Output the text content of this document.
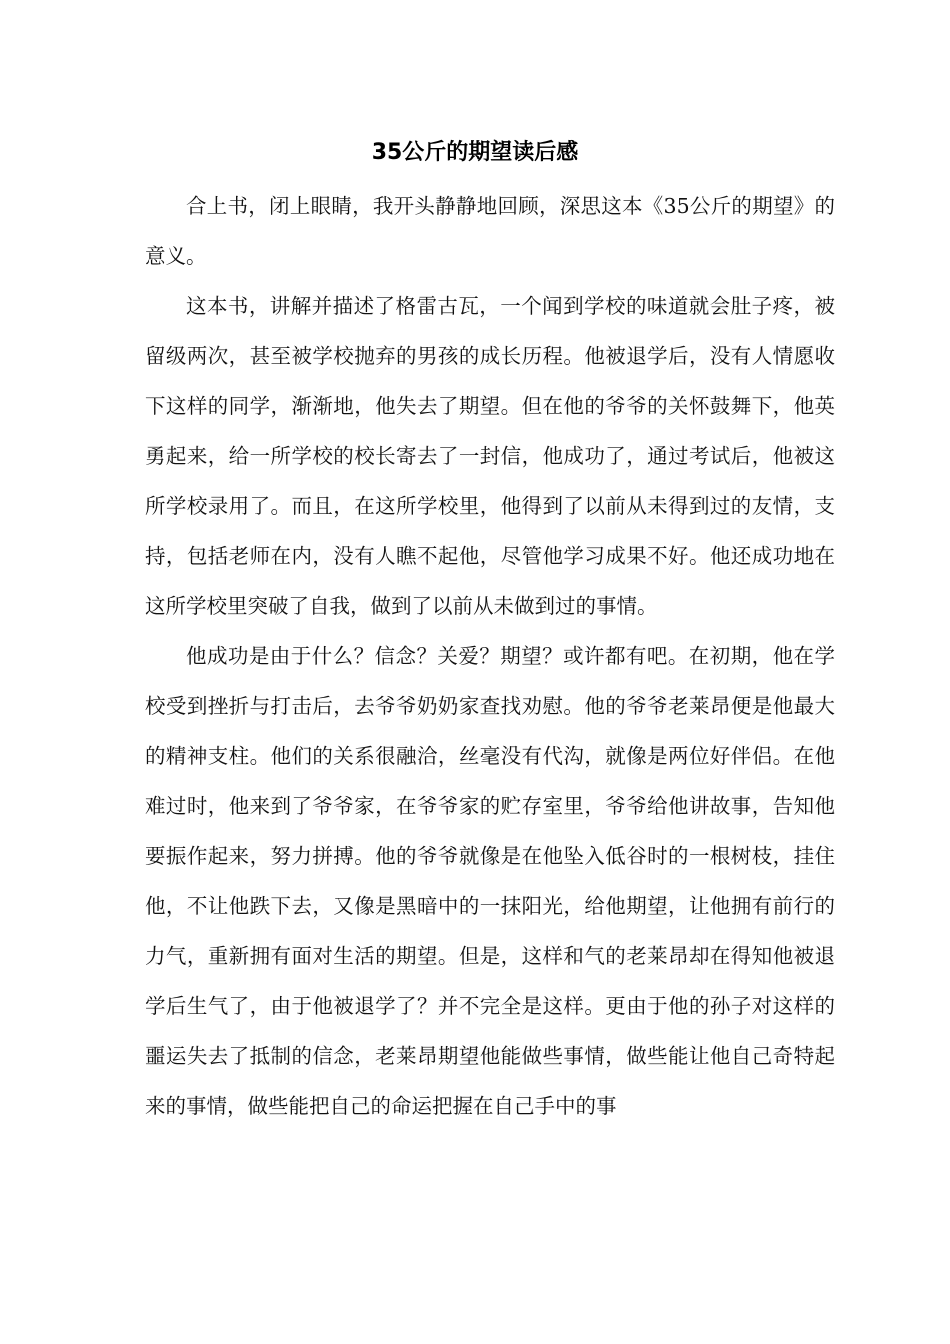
35公斤的期望读后感

合上书，闭上眼睛，我开头静静地回顾，深思这本《35公斤的期望》的意义。

这本书，讲解并描述了格雷古瓦，一个闻到学校的味道就会肚子疼，被留级两次，甚至被学校抛弃的男孩的成长历程。他被退学后，没有人情愿收下这样的同学，渐渐地，他失去了期望。但在他的爷爷的关怀鼓舞下，他英勇起来，给一所学校的校长寄去了一封信，他成功了，通过考试后，他被这所学校录用了。而且，在这所学校里，他得到了以前从未得到过的友情，支持，包括老师在内，没有人瞧不起他，尽管他学习成果不好。他还成功地在这所学校里突破了自我，做到了以前从未做到过的事情。

他成功是由于什么？信念？关爱？期望？或许都有吧。在初期，他在学校受到挫折与打击后，去爷爷奶奶家查找劝慰。他的爷爷老莱昂便是他最大的精神支柱。他们的关系很融洽，丝毫没有代沟，就像是两位好伴侣。在他难过时，他来到了爷爷家，在爷爷家的贮存室里，爷爷给他讲故事，告知他要振作起来，努力拼搏。他的爷爷就像是在他坠入低谷时的一根树枝，挂住他，不让他跌下去，又像是黑暗中的一抹阳光，给他期望，让他拥有前行的力气，重新拥有面对生活的期望。但是，这样和气的老莱昂却在得知他被退学后生气了，由于他被退学了？并不完全是这样。更由于他的孙子对这样的噩运失去了抵制的信念，老莱昂期望他能做些事情，做些能让他自己奇特起来的事情，做些能把自己的命运把握在自己手中的事
